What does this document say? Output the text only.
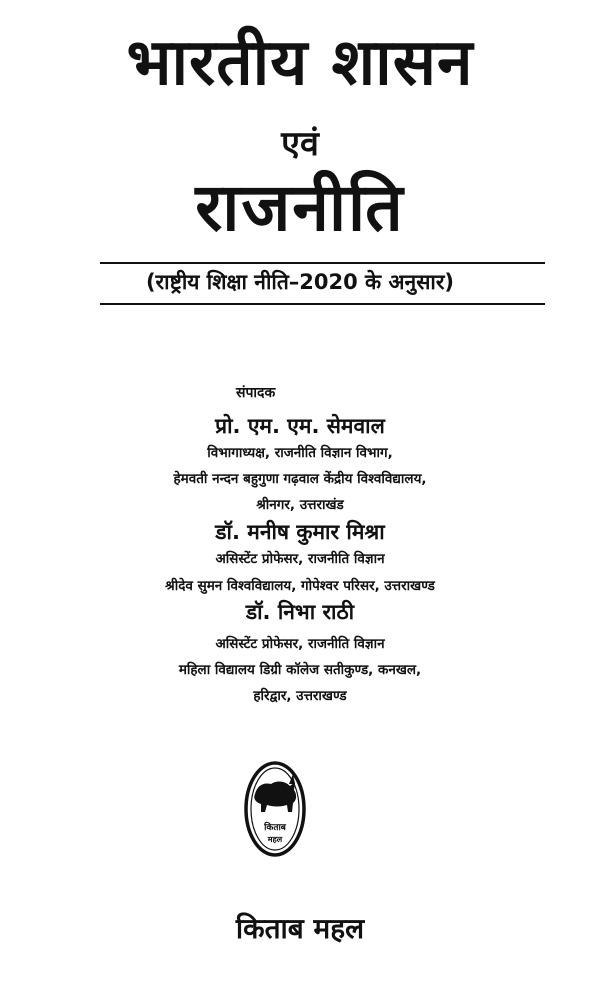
भारतीय शासन
एवं
राजनीति
(राष्ट्रीय शिक्षा नीति–2020 के अनुसार)
संपादक
प्रो. एम. एम. सेमवाल
विभागाध्यक्ष, राजनीति विज्ञान विभाग,
हेमवती नन्दन बहुगुणा गढ़वाल केंद्रीय विश्वविद्यालय,
श्रीनगर, उत्तराखंड
डॉ. मनीष कुमार मिश्रा
असिस्टेंट प्रोफेसर, राजनीति विज्ञान
श्रीदेव सुमन विश्वविद्यालय, गोपेश्वर परिसर, उत्तराखण्ड
डॉ. निभा राठी
असिस्टेंट प्रोफेसर, राजनीति विज्ञान
महिला विद्यालय डिग्री कॉलेज सतीकुण्ड, कनखल,
हरिद्वार, उत्तराखण्ड
किताब
महल
किताब महल
